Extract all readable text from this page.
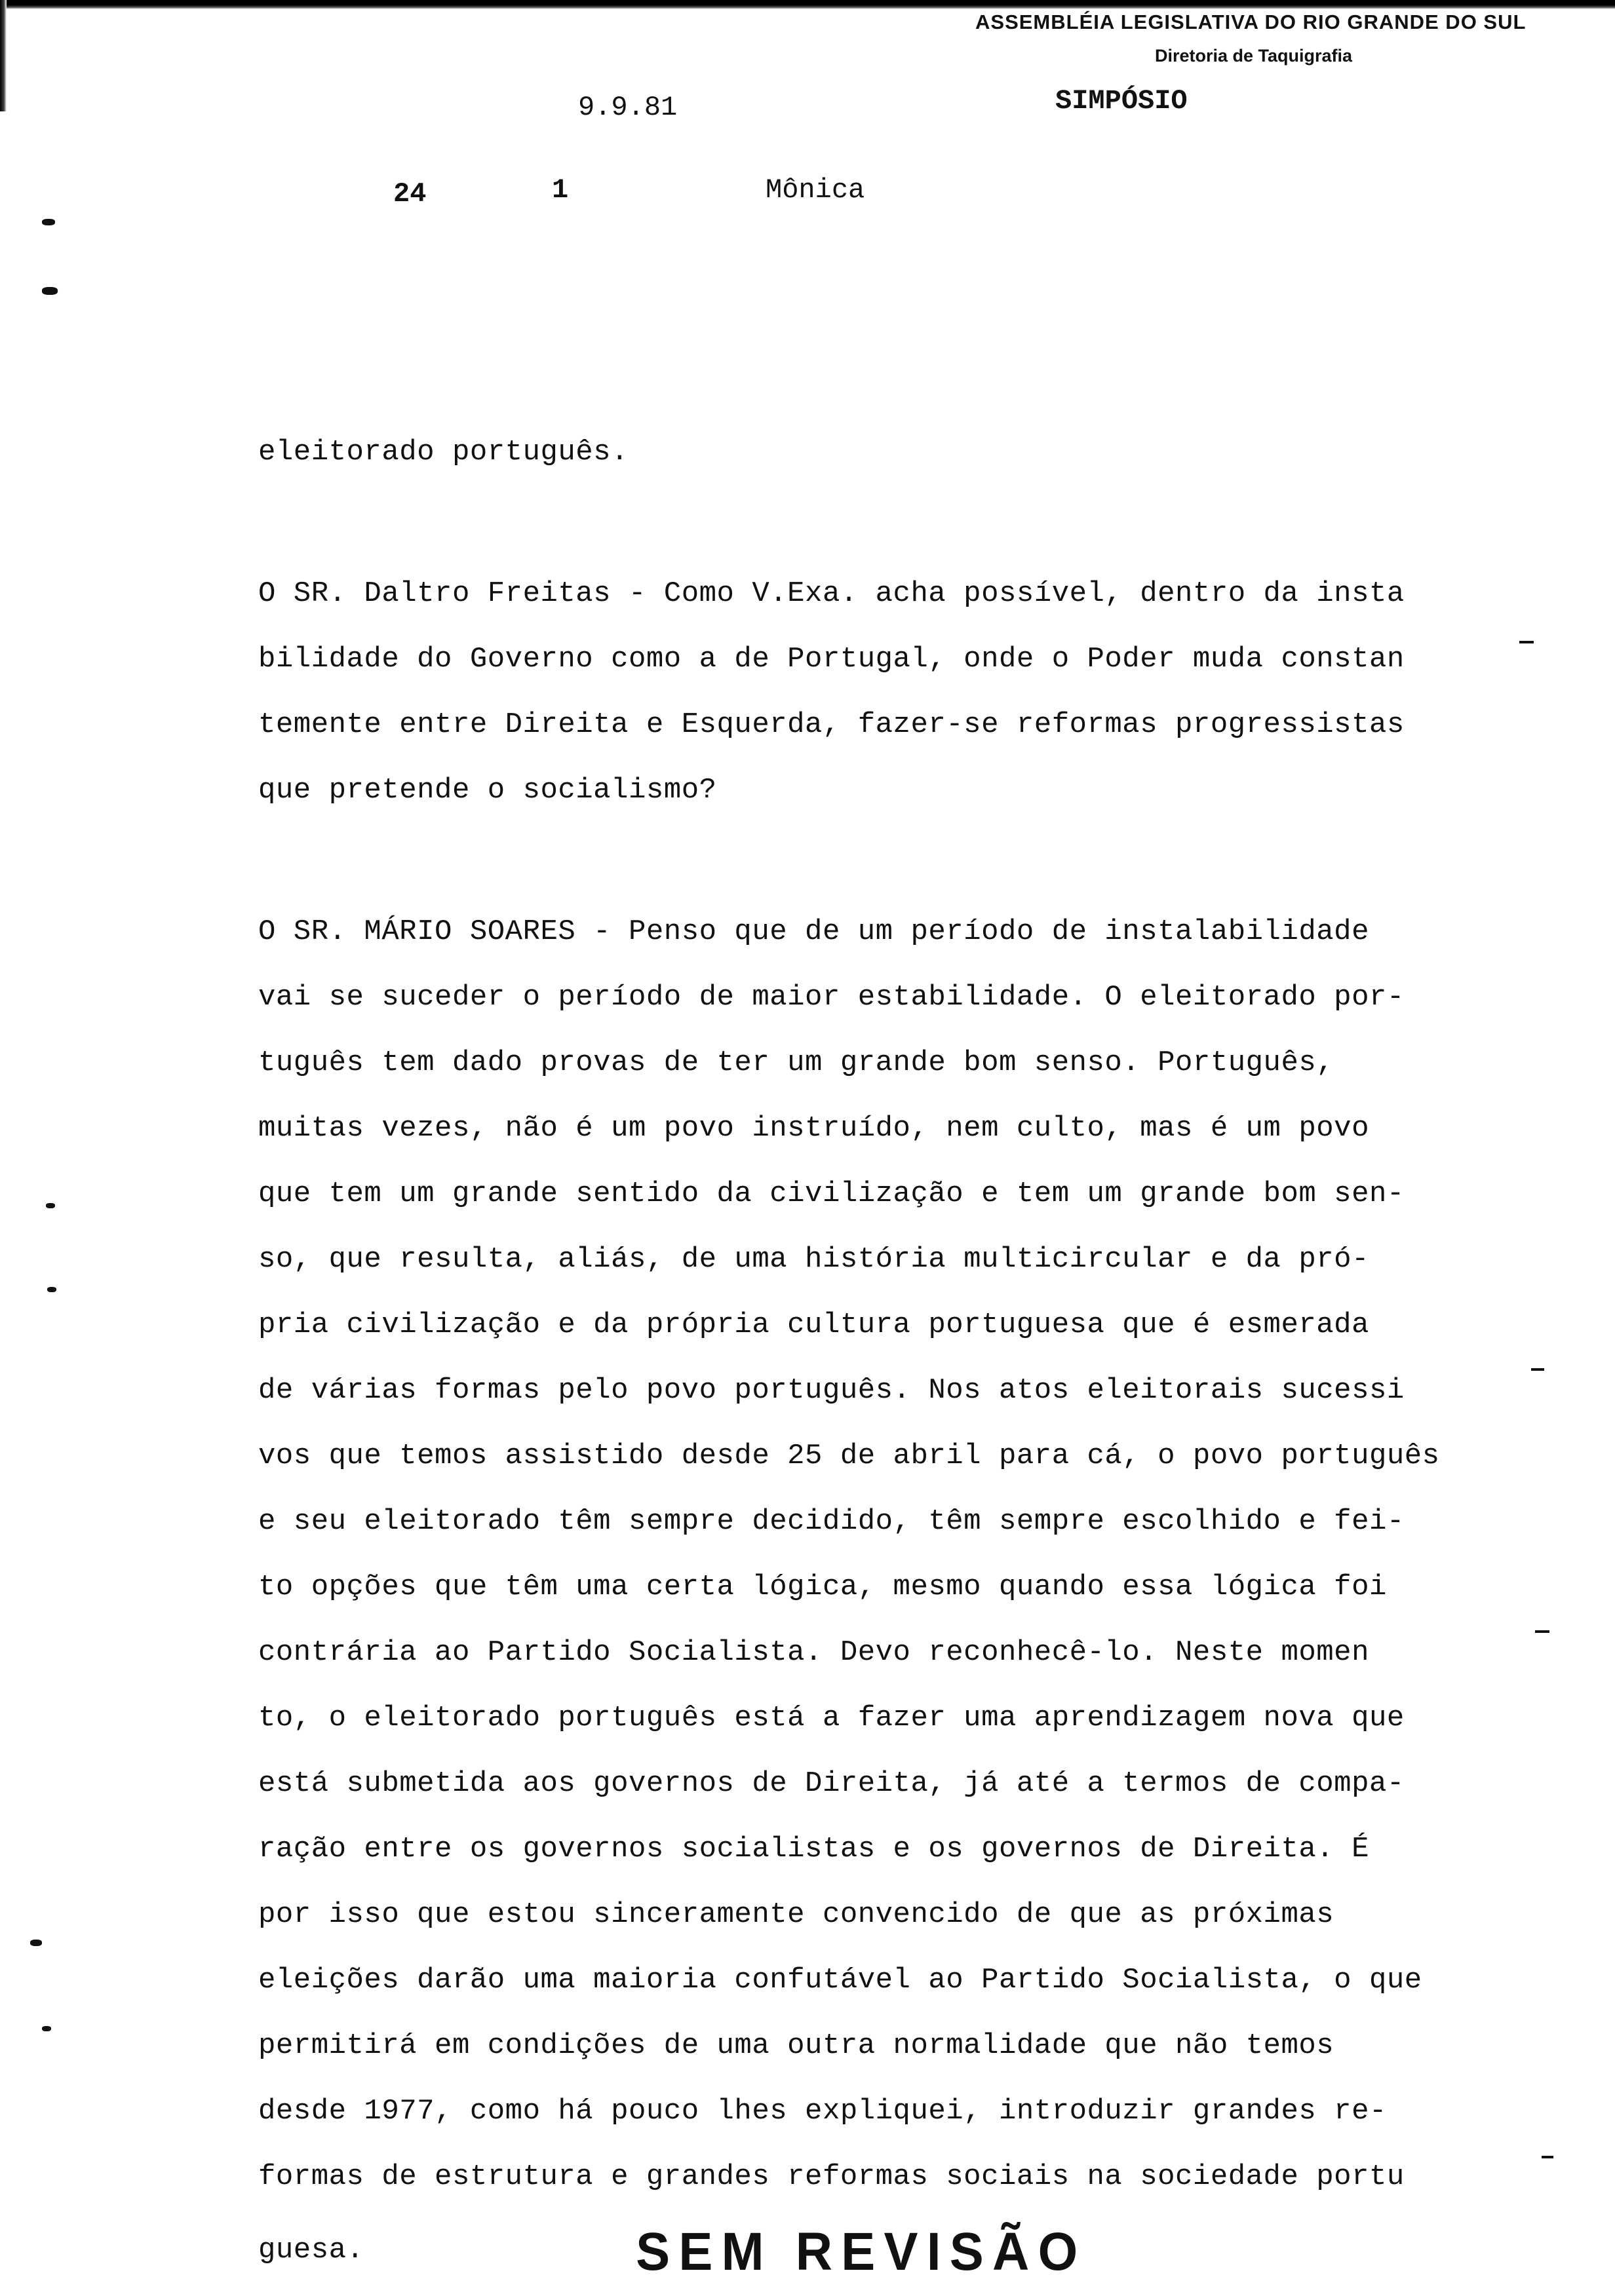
ASSEMBLÉIA LEGISLATIVA DO RIO GRANDE DO SUL
Diretoria de Taquigrafia
9.9.81	SIMPÓSIO
24	1	Mônica
eleitorado português.
O SR. Daltro Freitas - Como V.Exa. acha possível, dentro da insta
bilidade do Governo como a de Portugal, onde o Poder muda constan
temente entre Direita e Esquerda, fazer-se reformas progressistas
que pretende o socialismo?
O SR. MÁRIO SOARES - Penso que de um período de instalabilidade
vai se suceder o período de maior estabilidade. O eleitorado por-
tuguês tem dado provas de ter um grande bom senso. Português,
muitas vezes, não é um povo instruído, nem culto, mas é um povo
que tem um grande sentido da civilização e tem um grande bom sen-
so, que resulta, aliás, de uma história multicircular e da pró-
pria civilização e da própria cultura portuguesa que é esmerada
de várias formas pelo povo português. Nos atos eleitorais sucessi
vos que temos assistido desde 25 de abril para cá, o povo português
e seu eleitorado têm sempre decidido, têm sempre escolhido e fei-
to opções que têm uma certa lógica, mesmo quando essa lógica foi
contrária ao Partido Socialista. Devo reconhecê-lo. Neste momen
to, o eleitorado português está a fazer uma aprendizagem nova que
está submetida aos governos de Direita, já até a termos de compa-
ração entre os governos socialistas e os governos de Direita. É
por isso que estou sinceramente convencido de que as próximas
eleições darão uma maioria confutável ao Partido Socialista, o que
permitirá em condições de uma outra normalidade que não temos
desde 1977, como há pouco lhes expliquei, introduzir grandes re-
formas de estrutura e grandes reformas sociais na sociedade portu
guesa.	SEM REVISÃO
